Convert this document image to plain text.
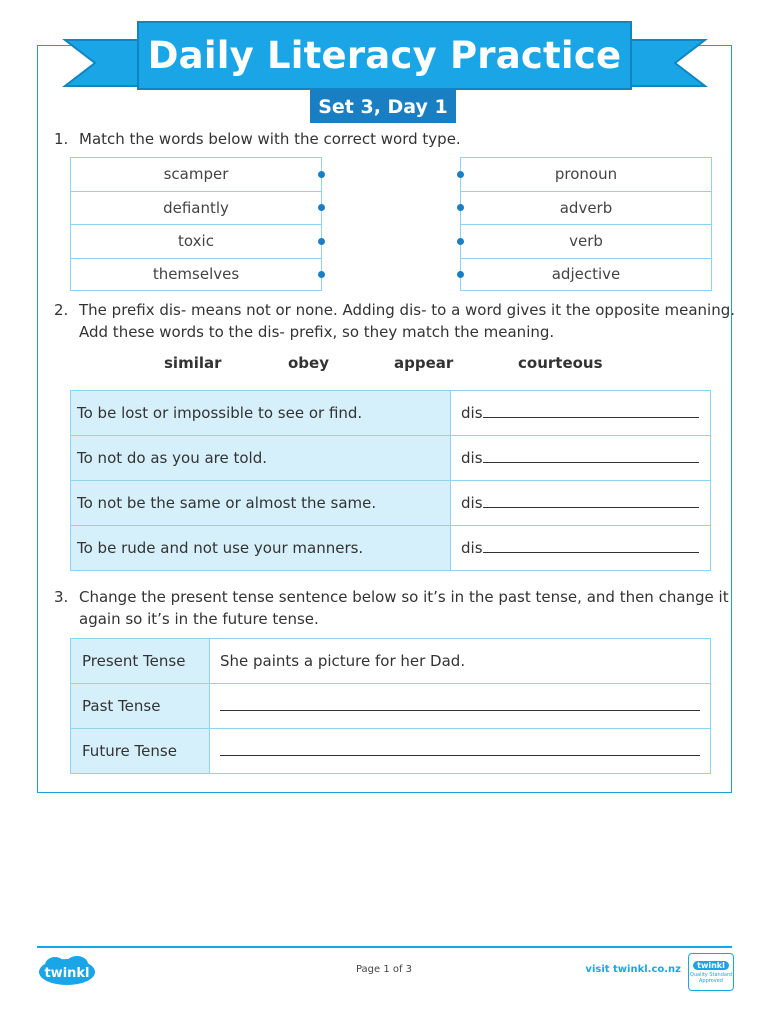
Daily Literacy Practice
Set 3, Day 1
1. Match the words below with the correct word type.
scamper
defiantly
toxic
themselves
pronoun
adverb
verb
adjective
2. The prefix dis- means not or none. Adding dis- to a word gives it the opposite meaning. Add these words to the dis- prefix, so they match the meaning.
similar	obey	appear	courteous
To be lost or impossible to see or find.	dis
To not do as you are told.	dis
To not be the same or almost the same.	dis
To be rude and not use your manners.	dis
3. Change the present tense sentence below so it’s in the past tense, and then change it again so it’s in the future tense.
Present Tense	She paints a picture for her Dad.
Past Tense	
Future Tense	
twinkl	Page 1 of 3	visit twinkl.co.nz	twinkl
Quality Standard Approved
